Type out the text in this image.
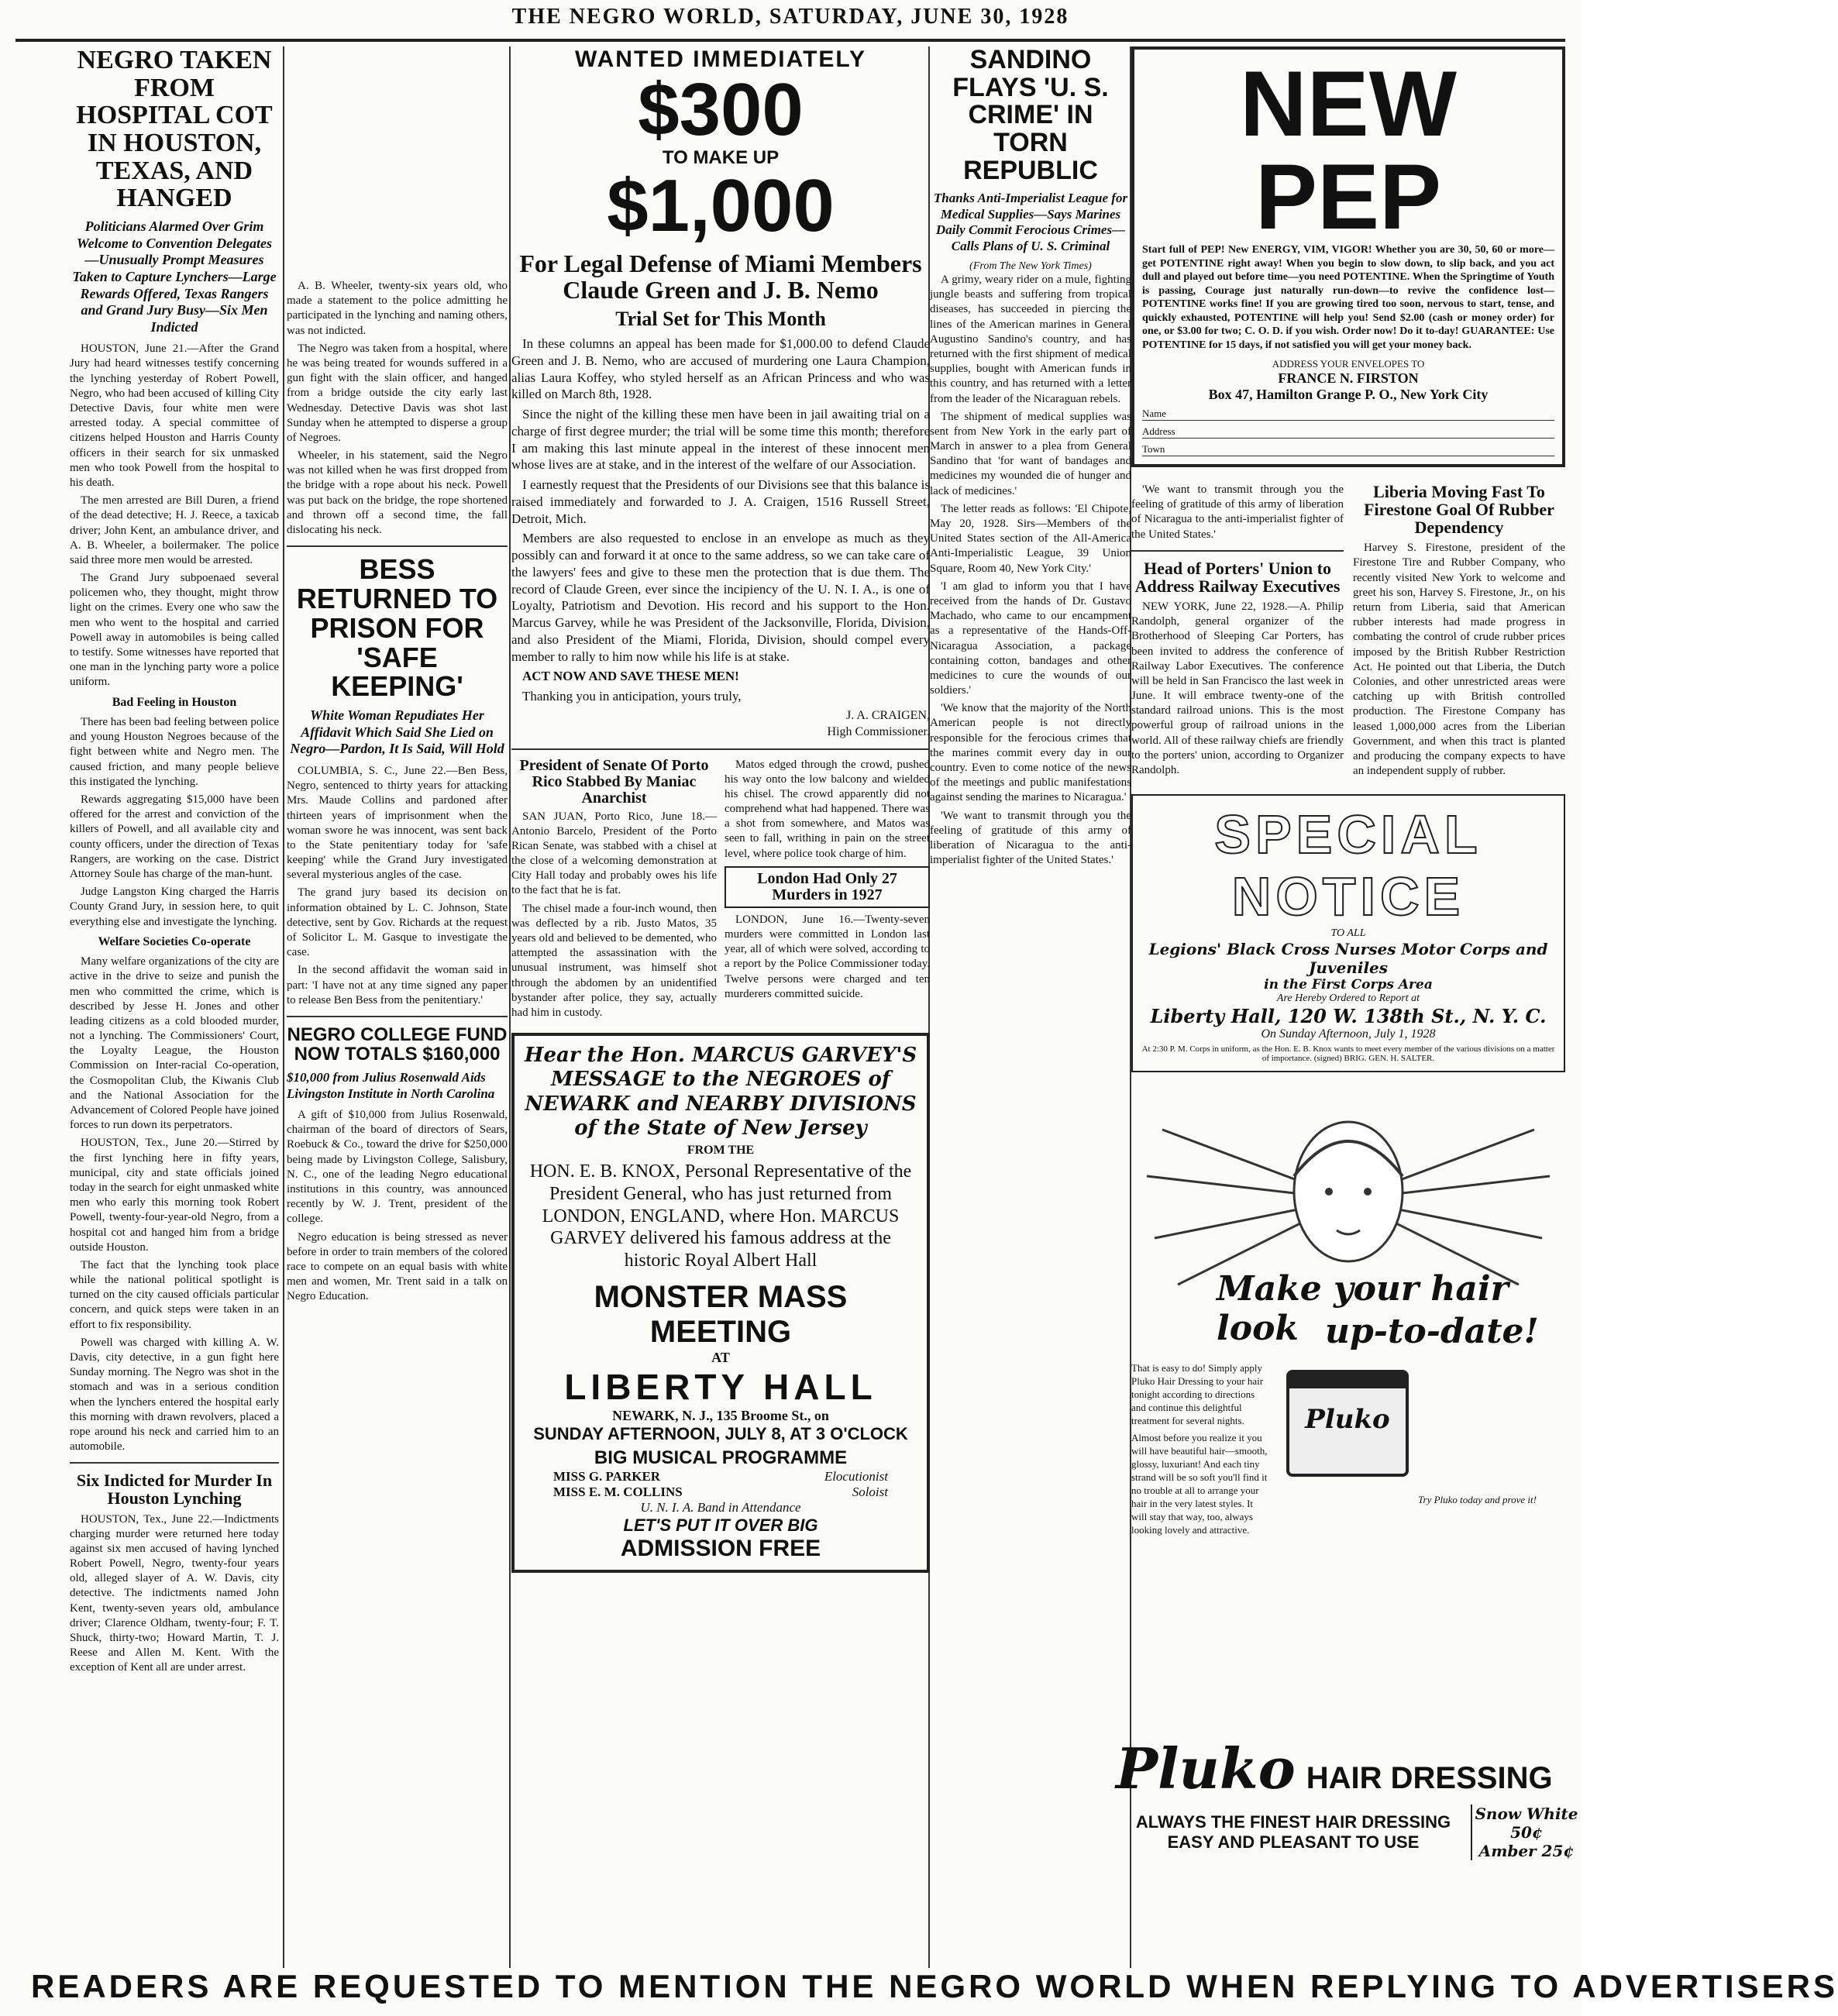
THE NEGRO WORLD, SATURDAY, JUNE 30, 1928
NEGRO TAKEN FROM HOSPITAL COT IN HOUSTON, TEXAS, AND HANGED
Politicians Alarmed Over Grim Welcome to Convention Delegates—Unusually Prompt Measures Taken to Capture Lynchers—Large Rewards Offered, Texas Rangers and Grand Jury Busy—Six Men Indicted

HOUSTON, June 21.—After the Grand Jury had heard witnesses testify concerning the lynching yesterday of Robert Powell, Negro, who had been accused of killing City Detective Davis, four white men were arrested today. A special committee of citizens helped Houston and Harris County officers in their search for six unmasked men who took Powell from the hospital to his death.

The men arrested are Bill Duren, a friend of the dead detective; H. J. Reece, a taxicab driver; John Kent, an ambulance driver, and A. B. Wheeler, a boilermaker. The police said three more men would be arrested.

The Grand Jury subpoenaed several policemen who, they thought, might throw light on the crimes. Every one who saw the men who went to the hospital and carried Powell away in automobiles is being called to testify. Some witnesses have reported that one man in the lynching party wore a police uniform.

Bad Feeling in Houston

There has been bad feeling between police and young Houston Negroes because of the fight between white and Negro men. The caused friction, and many people believe this instigated the lynching.

Rewards aggregating $15,000 have been offered for the arrest and conviction of the killers of Powell, and all available city and county officers, under the direction of Texas Rangers, are working on the case. District Attorney Soule has charge of the man-hunt.

Judge Langston King charged the Harris County Grand Jury, in session here, to quit everything else and investigate the lynching.

Welfare Societies Co-operate

Many welfare organizations of the city are active in the drive to seize and punish the men who committed the crime, which is described by Jesse H. Jones and other leading citizens as a cold blooded murder, not a lynching. The Commissioners' Court, the Loyalty League, the Houston Commission on Inter-racial Co-operation, the Cosmopolitan Club, the Kiwanis Club and the National Association for the Advancement of Colored People have joined forces to run down its perpetrators.

HOUSTON, Tex., June 20.—Stirred by the first lynching here in fifty years, municipal, city and state officials joined today in the search for eight unmasked white men who early this morning took Robert Powell, twenty-four-year-old Negro, from a hospital cot and hanged him from a bridge outside Houston.

The fact that the lynching took place while the national political spotlight is turned on the city caused officials particular concern, and quick steps were taken in an effort to fix responsibility.

Powell was charged with killing A. W. Davis, city detective, in a gun fight here Sunday morning. The Negro was shot in the stomach and was in a serious condition when the lynchers entered the hospital early this morning with drawn revolvers, placed a rope around his neck and carried him to an automobile.

Six Indicted for Murder In Houston Lynching

HOUSTON, Tex., June 22.—Indictments charging murder were returned here today against six men accused of having lynched Robert Powell, Negro, twenty-four years old, alleged slayer of A. W. Davis, city detective. The indictments named John Kent, twenty-seven years old, ambulance driver; Clarence Oldham, twenty-four; F. T. Shuck, thirty-two; Howard Martin, T. J. Reese and Allen M. Kent. With the exception of Kent all are under arrest.

A. B. Wheeler, twenty-six years old, who made a statement to the police admitting he participated in the lynching and naming others, was not indicted.

The Negro was taken from a hospital, where he was being treated for wounds suffered in a gun fight with the slain officer, and hanged from a bridge outside the city early last Wednesday. Detective Davis was shot last Sunday when he attempted to disperse a group of Negroes.

Wheeler, in his statement, said the Negro was not killed when he was first dropped from the bridge with a rope about his neck. Powell was put back on the bridge, the rope shortened and thrown off a second time, the fall dislocating his neck.

BESS RETURNED TO PRISON FOR 'SAFE KEEPING'
White Woman Repudiates Her Affidavit Which Said She Lied on Negro—Pardon, It Is Said, Will Hold

COLUMBIA, S. C., June 22.—Ben Bess, Negro, sentenced to thirty years for attacking Mrs. Maude Collins and pardoned after thirteen years of imprisonment when the woman swore he was innocent, was sent back to the State penitentiary today for 'safe keeping' while the Grand Jury investigated several mysterious angles of the case.

The grand jury based its decision on information obtained by L. C. Johnson, State detective, sent by Gov. Richards at the request of Solicitor L. M. Gasque to investigate the case.

In the second affidavit the woman said in part: 'I have not at any time signed any paper to release Ben Bess from the penitentiary.'

NEGRO COLLEGE FUND NOW TOTALS $160,000
$10,000 from Julius Rosenwald Aids Livingston Institute in North Carolina

A gift of $10,000 from Julius Rosenwald, chairman of the board of directors of Sears, Roebuck & Co., toward the drive for $250,000 being made by Livingston College, Salisbury, N. C., one of the leading Negro educational institutions in this country, was announced recently by W. J. Trent, president of the college.

Negro education is being stressed as never before in order to train members of the colored race to compete on an equal basis with white men and women, Mr. Trent said in a talk on Negro Education.

WANTED IMMEDIATELY
$300
TO MAKE UP
$1,000
For Legal Defense of Miami Members Claude Green and J. B. Nemo
Trial Set for This Month

In these columns an appeal has been made for $1,000.00 to defend Claude Green and J. B. Nemo, who are accused of murdering one Laura Champion, alias Laura Koffey, who styled herself as an African Princess and who was killed on March 8th, 1928.

Since the night of the killing these men have been in jail awaiting trial on a charge of first degree murder; the trial will be some time this month; therefore I am making this last minute appeal in the interest of these innocent men whose lives are at stake, and in the interest of the welfare of our Association.

I earnestly request that the Presidents of our Divisions see that this balance is raised immediately and forwarded to J. A. Craigen, 1516 Russell Street, Detroit, Mich.

Members are also requested to enclose in an envelope as much as they possibly can and forward it at once to the same address, so we can take care of the lawyers' fees and give to these men the protection that is due them. The record of Claude Green, ever since the incipiency of the U. N. I. A., is one of Loyalty, Patriotism and Devotion. His record and his support to the Hon. Marcus Garvey, while he was President of the Jacksonville, Florida, Division, and also President of the Miami, Florida, Division, should compel every member to rally to him now while his life is at stake.

ACT NOW AND SAVE THESE MEN!

Thanking you in anticipation, yours truly,

J. A. CRAIGEN,
High Commissioner.
President of Senate Of Porto Rico Stabbed By Maniac Anarchist

SAN JUAN, Porto Rico, June 18.—Antonio Barcelo, President of the Porto Rican Senate, was stabbed with a chisel at the close of a welcoming demonstration at City Hall today and probably owes his life to the fact that he is fat.

The chisel made a four-inch wound, then was deflected by a rib. Justo Matos, 35 years old and believed to be demented, who attempted the assassination with the unusual instrument, was himself shot through the abdomen by an unidentified bystander after police, they say, actually had him in custody.

Matos edged through the crowd, pushed his way onto the low balcony and wielded his chisel. The crowd apparently did not comprehend what had happened. There was a shot from somewhere, and Matos was seen to fall, writhing in pain on the street level, where police took charge of him.

London Had Only 27 Murders in 1927

LONDON, June 16.—Twenty-seven murders were committed in London last year, all of which were solved, according to a report by the Police Commissioner today. Twelve persons were charged and ten murderers committed suicide.

Hear the Hon. MARCUS GARVEY'S MESSAGE to the NEGROES of NEWARK and NEARBY DIVISIONS of the State of New Jersey
FROM THE
HON. E. B. KNOX, Personal Representative of the President General, who has just returned from LONDON, ENGLAND, where Hon. MARCUS GARVEY delivered his famous address at the historic Royal Albert Hall
MONSTER MASS MEETING
AT
LIBERTY HALL
NEWARK, N. J., 135 Broome St., on
SUNDAY AFTERNOON, JULY 8, AT 3 O'CLOCK
BIG MUSICAL PROGRAMME
MISS G. PARKER	Elocutionist
MISS E. M. COLLINS	Soloist
U. N. I. A. Band in Attendance
LET'S PUT IT OVER BIG
ADMISSION FREE
SANDINO FLAYS 'U. S. CRIME' IN TORN REPUBLIC
Thanks Anti-Imperialist League for Medical Supplies—Says Marines Daily Commit Ferocious Crimes—Calls Plans of U. S. Criminal
(From The New York Times)

A grimy, weary rider on a mule, fighting jungle beasts and suffering from tropical diseases, has succeeded in piercing the lines of the American marines in General Augustino Sandino's country, and has returned with the first shipment of medical supplies, bought with American funds in this country, and has returned with a letter from the leader of the Nicaraguan rebels.

The shipment of medical supplies was sent from New York in the early part of March in answer to a plea from General Sandino that 'for want of bandages and medicines my wounded die of hunger and lack of medicines.'

The letter reads as follows: 'El Chipote, May 20, 1928. Sirs—Members of the United States section of the All-America Anti-Imperialistic League, 39 Union Square, Room 40, New York City.'

'I am glad to inform you that I have received from the hands of Dr. Gustavo Machado, who came to our encampment as a representative of the Hands-Off-Nicaragua Association, a package containing cotton, bandages and other medicines to cure the wounds of our soldiers.'

'We know that the majority of the North American people is not directly responsible for the ferocious crimes that the marines commit every day in our country. Even to come notice of the news of the meetings and public manifestations against sending the marines to Nicaragua.'

'We want to transmit through you the feeling of gratitude of this army of liberation of Nicaragua to the anti-imperialist fighter of the United States.'

NEW PEP
Start full of PEP! New ENERGY, VIM, VIGOR! Whether you are 30, 50, 60 or more—get POTENTINE right away! When you begin to slow down, to slip back, and you act dull and played out before time—you need POTENTINE. When the Springtime of Youth is passing, Courage just naturally run-down—to revive the confidence lost—POTENTINE works fine! If you are growing tired too soon, nervous to start, tense, and quickly exhausted, POTENTINE will help you! Send $2.00 (cash or money order) for one, or $3.00 for two; C. O. D. if you wish. Order now! Do it to-day! GUARANTEE: Use POTENTINE for 15 days, if not satisfied you will get your money back.
ADDRESS YOUR ENVELOPES TO
FRANCE N. FIRSTON
Box 47, Hamilton Grange P. O., New York City
Name
Address
Town

'We want to transmit through you the feeling of gratitude of this army of liberation of Nicaragua to the anti-imperialist fighter of the United States.'

Head of Porters' Union to Address Railway Executives

NEW YORK, June 22, 1928.—A. Philip Randolph, general organizer of the Brotherhood of Sleeping Car Porters, has been invited to address the conference of Railway Labor Executives. The conference will be held in San Francisco the last week in June. It will embrace twenty-one of the standard railroad unions. This is the most powerful group of railroad unions in the world. All of these railway chiefs are friendly to the porters' union, according to Organizer Randolph.

Liberia Moving Fast To Firestone Goal Of Rubber Dependency

Harvey S. Firestone, president of the Firestone Tire and Rubber Company, who recently visited New York to welcome and greet his son, Harvey S. Firestone, Jr., on his return from Liberia, said that American rubber interests had made progress in combating the control of crude rubber prices imposed by the British Rubber Restriction Act. He pointed out that Liberia, the Dutch Colonies, and other unrestricted areas were catching up with British controlled production. The Firestone Company has leased 1,000,000 acres from the Liberian Government, and when this tract is planted and producing the company expects to have an independent supply of rubber.

SPECIAL NOTICE
TO ALL
Legions' Black Cross Nurses Motor Corps and Juveniles
in the First Corps Area
Are Hereby Ordered to Report at
Liberty Hall, 120 W. 138th St., N. Y. C.
On Sunday Afternoon, July 1, 1928
At 2:30 P. M. Corps in uniform, as the Hon. E. B. Knox wants to meet every member of the various divisions on a matter of importance. (signed) BRIG. GEN. H. SALTER.
Make your hair look up-to-date!
That is easy to do! Simply apply Pluko Hair Dressing to your hair tonight according to directions and continue this delightful treatment for several nights.
Almost before you realize it you will have beautiful hair—smooth, glossy, luxuriant! And each tiny strand will be so soft you'll find it no trouble at all to arrange your hair in the very latest styles. It will stay that way, too, always looking lovely and attractive.
Try Pluko today and prove it!
Pluko
Pluko HAIR DRESSING
ALWAYS THE FINEST HAIR DRESSING
EASY AND PLEASANT TO USE
Snow White 50¢
Amber 25¢
READERS ARE REQUESTED TO MENTION THE NEGRO WORLD WHEN REPLYING TO ADVERTISERS
